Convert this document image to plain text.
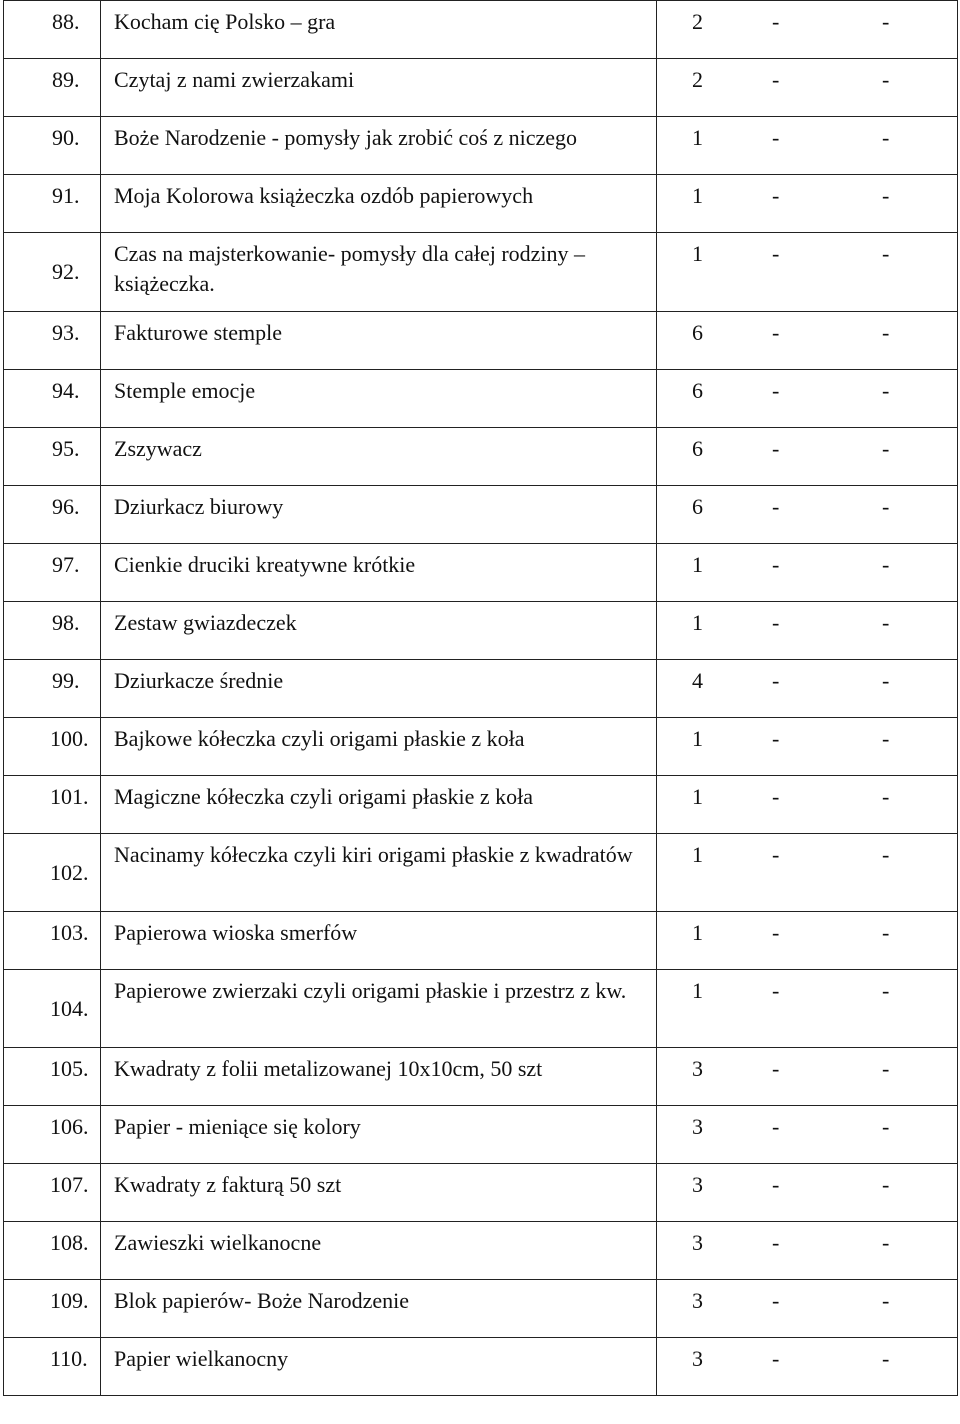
88.	Kocham cię Polsko – gra	2 - -
89.	Czytaj z nami zwierzakami	2 - -
90.	Boże Narodzenie - pomysły jak zrobić coś z niczego	1 - -
91.	Moja Kolorowa książeczka ozdób papierowych	1 - -
92.	Czas na majsterkowanie- pomysły dla całej rodziny – książeczka.	1 - -
93.	Fakturowe stemple	6 - -
94.	Stemple emocje	6 - -
95.	Zszywacz	6 - -
96.	Dziurkacz biurowy	6 - -
97.	Cienkie druciki kreatywne krótkie	1 - -
98.	Zestaw gwiazdeczek	1 - -
99.	Dziurkacze średnie	4 - -
100.	Bajkowe kółeczka czyli origami płaskie z koła	1 - -
101.	Magiczne kółeczka czyli origami płaskie z koła	1 - -
102.	Nacinamy kółeczka czyli kiri origami płaskie z kwadratów	1 - -
103.	Papierowa wioska smerfów	1 - -
104.	Papierowe zwierzaki czyli origami płaskie i przestrz z kw.	1 - -
105.	Kwadraty z folii metalizowanej 10x10cm, 50 szt	3 - -
106.	Papier - mieniące się kolory	3 - -
107.	Kwadraty z fakturą 50 szt	3 - -
108.	Zawieszki wielkanocne	3 - -
109.	Blok papierów- Boże Narodzenie	3 - -
110.	Papier wielkanocny	3 - -
